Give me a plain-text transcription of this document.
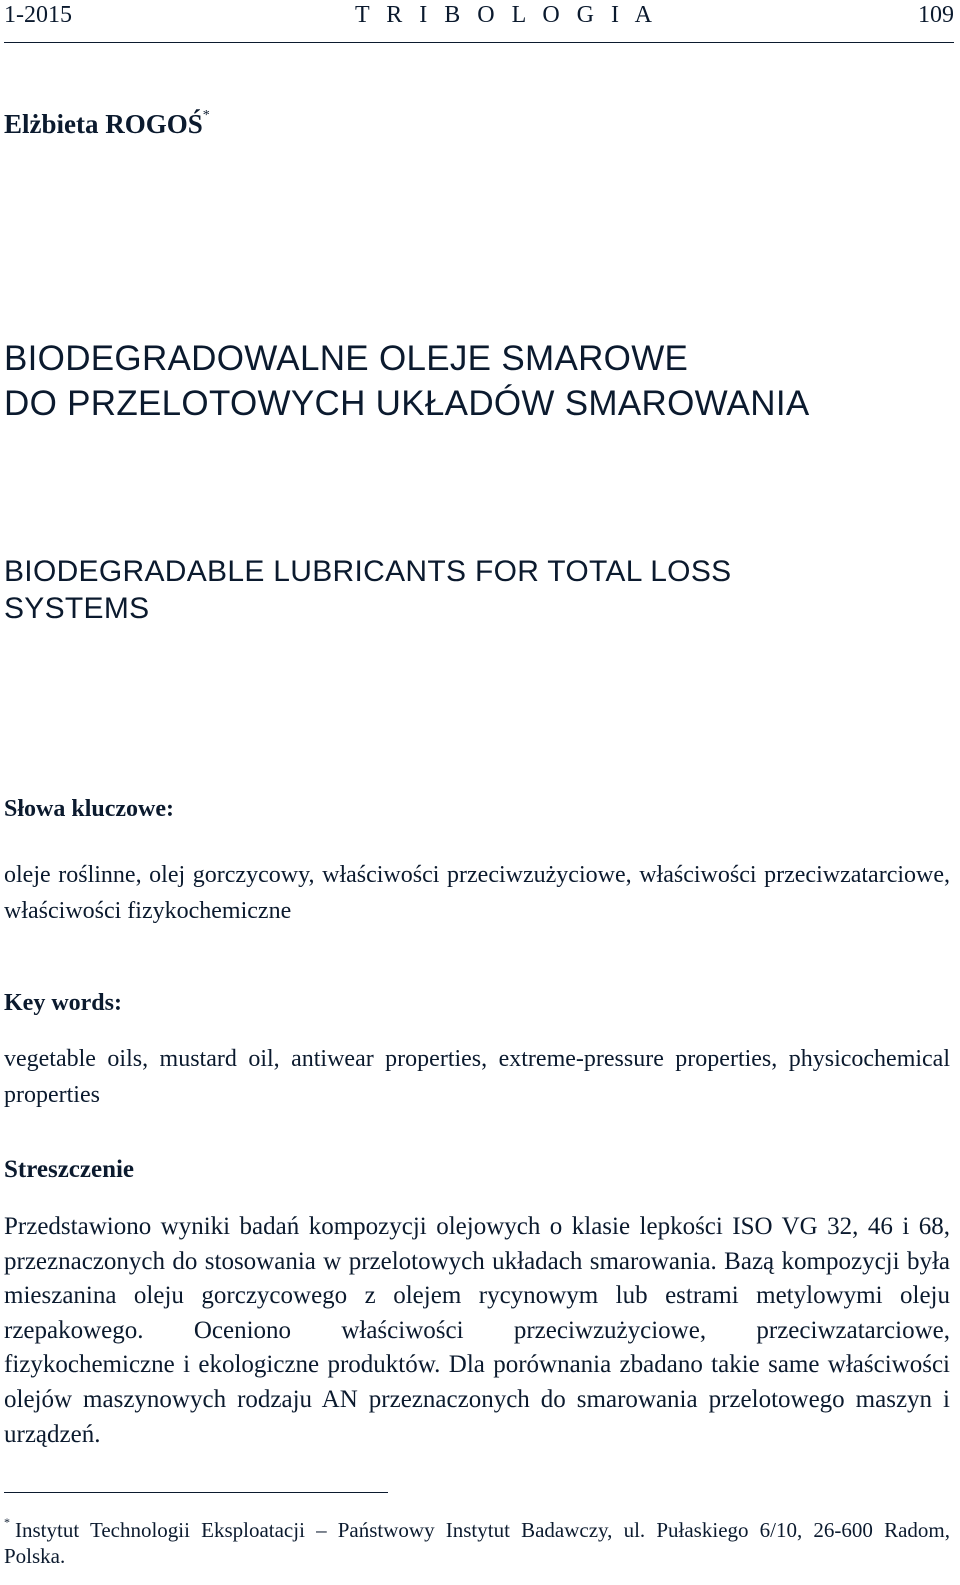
1-2015	T R I B O L O G I A	109
Elżbieta ROGOŚ*
BIODEGRADOWALNE OLEJE SMAROWE
DO PRZELOTOWYCH UKŁADÓW SMAROWANIA
BIODEGRADABLE LUBRICANTS FOR TOTAL LOSS
SYSTEMS
Słowa kluczowe:
oleje roślinne, olej gorczycowy, właściwości przeciwzużyciowe, właściwości przeciwzatarciowe, właściwości fizykochemiczne
Key words:
vegetable oils, mustard oil, antiwear properties, extreme-pressure properties, physicochemical properties
Streszczenie
Przedstawiono wyniki badań kompozycji olejowych o klasie lepkości ISO VG 32, 46 i 68, przeznaczonych do stosowania w przelotowych układach smarowania. Bazą kompozycji była mieszanina oleju gorczycowego z olejem rycynowym lub estrami metylowymi oleju rzepakowego. Oceniono właściwości przeciwzużyciowe, przeciwzatarciowe, fizykochemiczne i ekologiczne produktów. Dla porównania zbadano takie same właściwości olejów maszynowych rodzaju AN przeznaczonych do smarowania przelotowego maszyn i urządzeń.
* Instytut Technologii Eksploatacji – Państwowy Instytut Badawczy, ul. Pułaskiego 6/10, 26-600 Radom, Polska.
